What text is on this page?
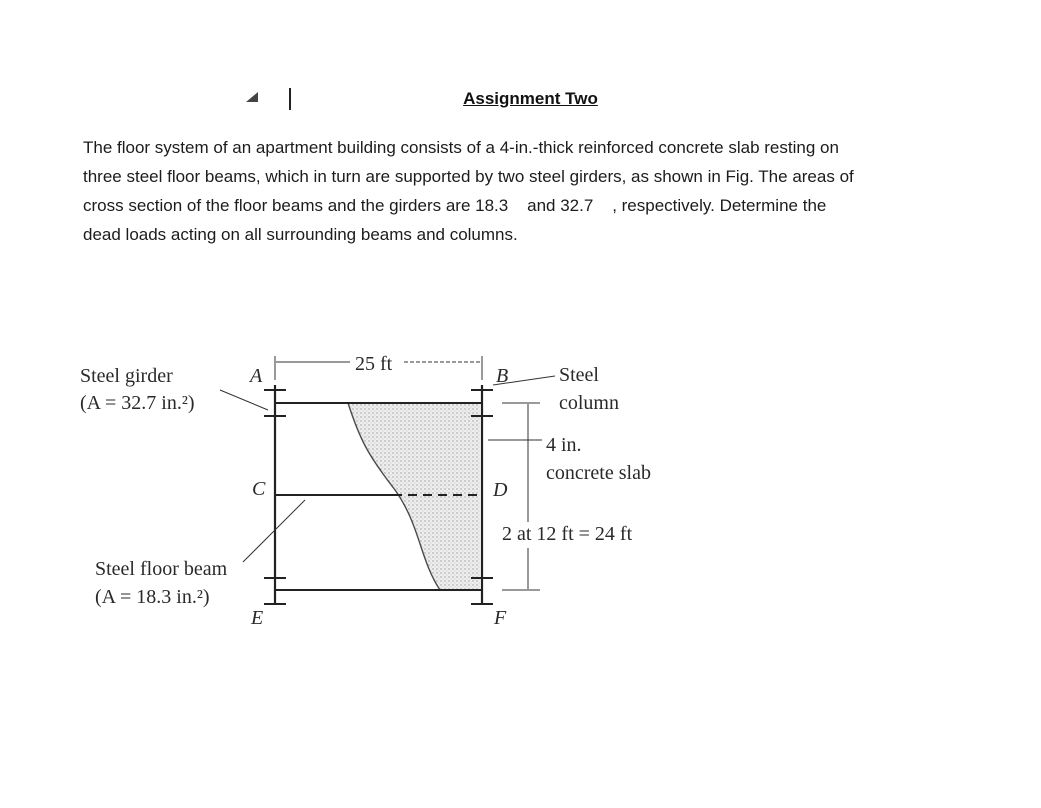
Assignment Two
The floor system of an apartment building consists of a 4-in.-thick reinforced concrete slab resting on
three steel floor beams, which in turn are supported by two steel girders, as shown in Fig. The areas of
cross section of the floor beams and the girders are 18.3    and 32.7    , respectively. Determine the
dead loads acting on all surrounding beams and columns.
Steel girder
(A = 32.7 in.²)
A
25 ft
B	Steel
column
4 in.
concrete slab
C	D
2 at 12 ft = 24 ft
Steel floor beam
(A = 18.3 in.²)
E	F
